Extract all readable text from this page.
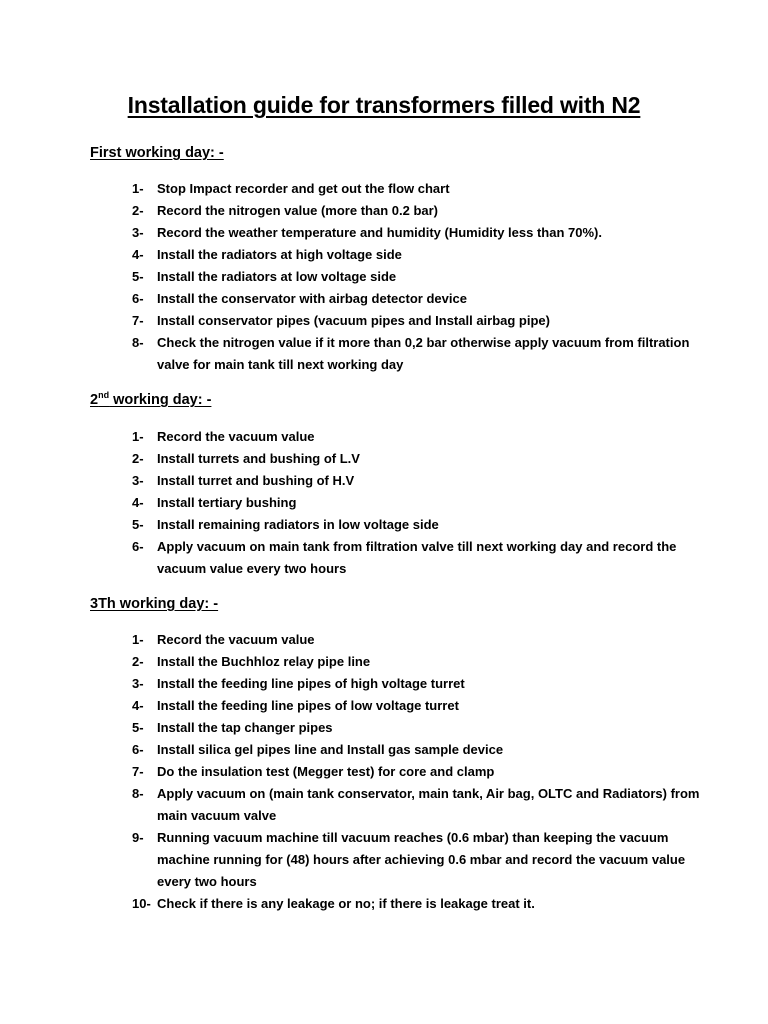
Installation guide for transformers filled with N2
First working day: -
1-	Stop Impact recorder and get out the flow chart
2-	Record the nitrogen value (more than 0.2 bar)
3-	Record the weather temperature and humidity (Humidity less than 70%).
4-	Install the radiators at high voltage side
5-	Install the radiators at low voltage side
6-	Install the conservator with airbag detector device
7-	Install conservator pipes (vacuum pipes and Install airbag pipe)
8-	Check the nitrogen value if it more than 0,2 bar otherwise apply vacuum from filtration valve for main tank till next working day
2nd working day: -
1-	Record the vacuum value
2-	Install turrets and bushing of L.V
3-	Install turret and bushing of H.V
4-	Install tertiary bushing
5-	Install remaining radiators in low voltage side
6-	Apply vacuum on main tank from filtration valve till next working day and record the vacuum value every two hours
3Th working day: -
1-	Record the vacuum value
2-	Install the Buchhloz relay pipe line
3-	Install the feeding line pipes of high voltage turret
4-	Install the feeding line pipes of low voltage turret
5-	Install the tap changer pipes
6-	Install silica gel pipes line and Install gas sample device
7-	Do the insulation test (Megger test) for core and clamp
8-	Apply vacuum on (main tank conservator, main tank, Air bag, OLTC and Radiators) from main vacuum valve
9-	Running vacuum machine till vacuum reaches (0.6 mbar) than keeping the vacuum machine running for (48) hours after achieving 0.6 mbar and record the vacuum value every two hours
10- Check if there is any leakage or no; if there is leakage treat it.
